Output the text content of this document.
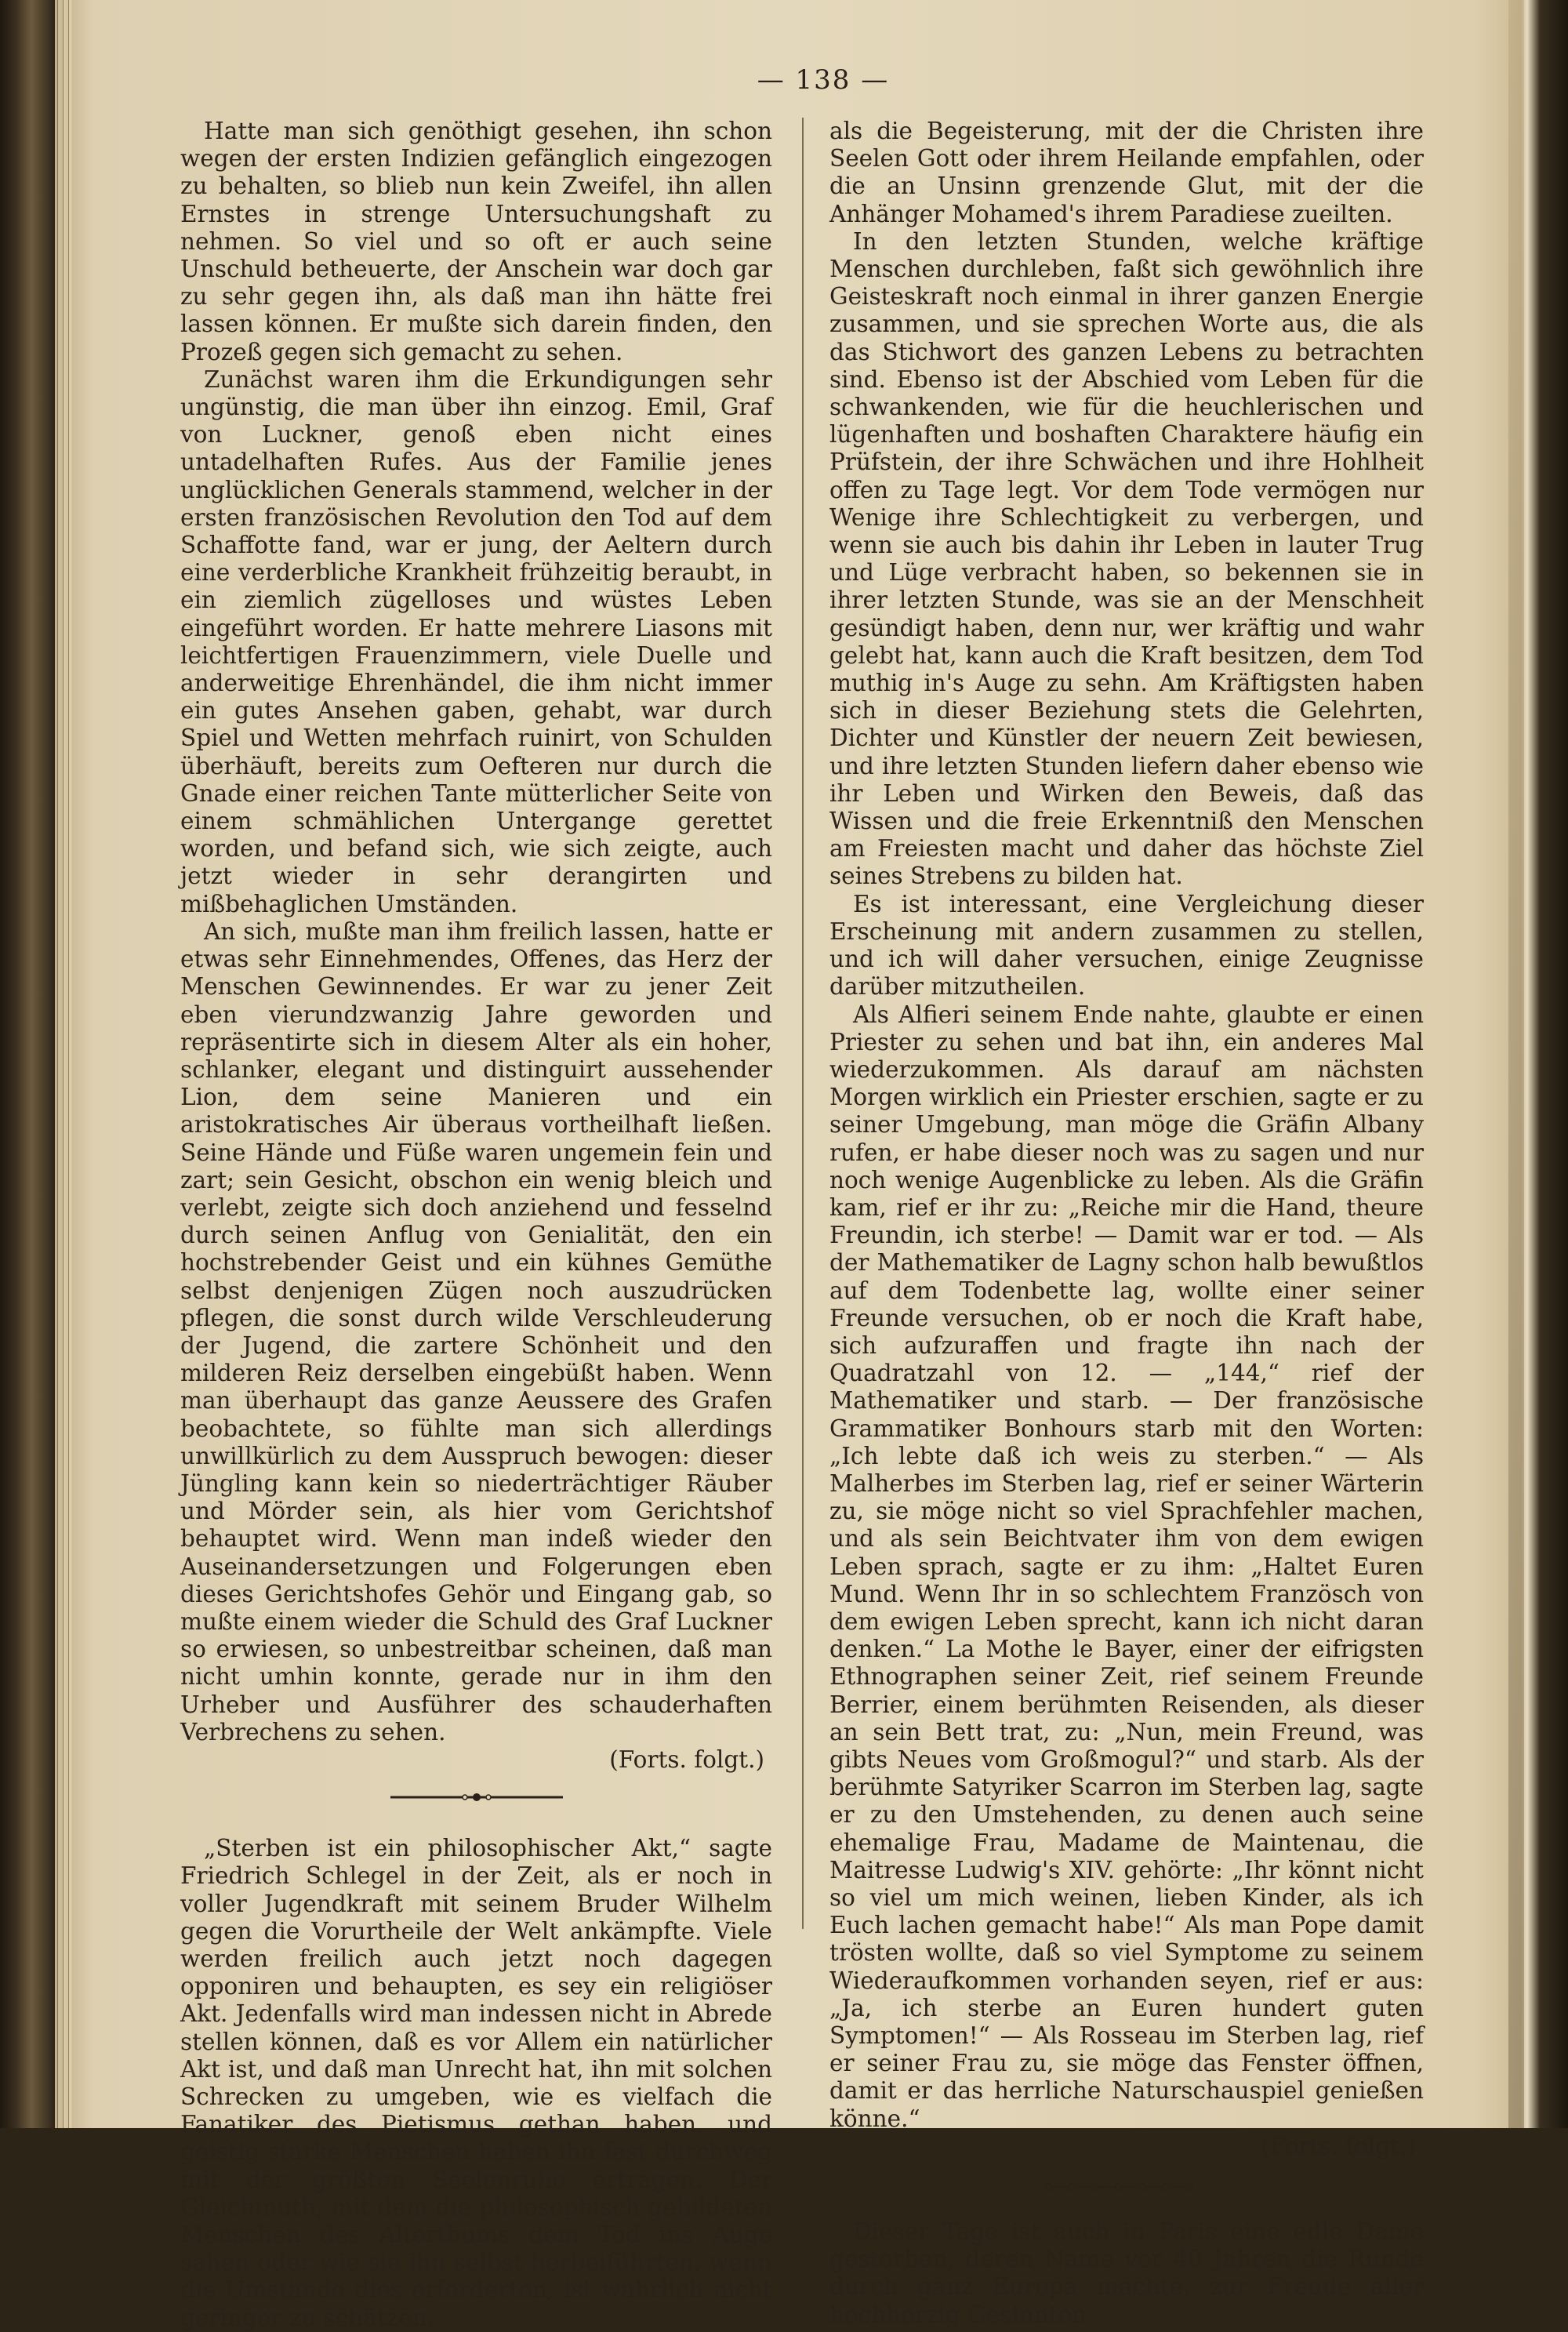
— 138 —

Hatte man sich genöthigt gesehen, ihn schon wegen der ersten Indizien gefänglich eingezogen zu behalten, so blieb nun kein Zweifel, ihn allen Ernstes in strenge Untersuchungshaft zu nehmen. So viel und so oft er auch seine Unschuld betheuerte, der Anschein war doch gar zu sehr gegen ihn, als daß man ihn hätte frei lassen können. Er mußte sich darein finden, den Prozeß gegen sich gemacht zu sehen.

Zunächst waren ihm die Erkundigungen sehr ungünstig, die man über ihn einzog. Emil, Graf von Luckner, genoß eben nicht eines untadelhaften Rufes. Aus der Familie jenes unglücklichen Generals stammend, welcher in der ersten französischen Revolution den Tod auf dem Schaffotte fand, war er jung, der Aeltern durch eine verderbliche Krankheit frühzeitig beraubt, in ein ziemlich zügelloses und wüstes Leben eingeführt worden. Er hatte mehrere Liasons mit leichtfertigen Frauenzimmern, viele Duelle und anderweitige Ehrenhändel, die ihm nicht immer ein gutes Ansehen gaben, gehabt, war durch Spiel und Wetten mehrfach ruinirt, von Schulden überhäuft, bereits zum Oefteren nur durch die Gnade einer reichen Tante mütterlicher Seite von einem schmählichen Untergange gerettet worden, und befand sich, wie sich zeigte, auch jetzt wieder in sehr derangirten und mißbehaglichen Umständen.

An sich, mußte man ihm freilich lassen, hatte er etwas sehr Einnehmendes, Offenes, das Herz der Menschen Gewinnendes. Er war zu jener Zeit eben vierundzwanzig Jahre geworden und repräsentirte sich in diesem Alter als ein hoher, schlanker, elegant und distinguirt aussehender Lion, dem seine Manieren und ein aristokratisches Air überaus vortheilhaft ließen. Seine Hände und Füße waren ungemein fein und zart; sein Gesicht, obschon ein wenig bleich und verlebt, zeigte sich doch anziehend und fesselnd durch seinen Anflug von Genialität, den ein hochstrebender Geist und ein kühnes Gemüthe selbst denjenigen Zügen noch auszudrücken pflegen, die sonst durch wilde Verschleuderung der Jugend, die zartere Schönheit und den milderen Reiz derselben eingebüßt haben. Wenn man überhaupt das ganze Aeussere des Grafen beobachtete, so fühlte man sich allerdings unwillkürlich zu dem Ausspruch bewogen: dieser Jüngling kann kein so niederträchtiger Räuber und Mörder sein, als hier vom Gerichtshof behauptet wird. Wenn man indeß wieder den Auseinandersetzungen und Folgerungen eben dieses Gerichtshofes Gehör und Eingang gab, so mußte einem wieder die Schuld des Graf Luckner so erwiesen, so unbestreitbar scheinen, daß man nicht umhin konnte, gerade nur in ihm den Urheber und Ausführer des schauderhaften Verbrechens zu sehen.

(Forts. folgt.)

„Sterben ist ein philosophischer Akt,“ sagte Friedrich Schlegel in der Zeit, als er noch in voller Jugendkraft mit seinem Bruder Wilhelm gegen die Vorurtheile der Welt ankämpfte. Viele werden freilich auch jetzt noch dagegen opponiren und behaupten, es sey ein religiöser Akt. Jedenfalls wird man indessen nicht in Abrede stellen können, daß es vor Allem ein natürlicher Akt ist, und daß man Unrecht hat, ihn mit solchen Schrecken zu umgeben, wie es vielfach die Fanatiker des Pietismus gethan haben, und geistig starke Menschen haben ihn fast durchweg mit der größten Seelenruhe ertragen. Der Gleichmuth, mit dem die philosophisch gebildeten Menschen des Alterthums dem Tod ins Auge sahen oder wie sie ihn selbst herbeiführten, wenn die Umstände dies erforderten, ist wahrlich nicht geringer zu schätzen,

als die Begeisterung, mit der die Christen ihre Seelen Gott oder ihrem Heilande empfahlen, oder die an Unsinn grenzende Glut, mit der die Anhänger Mohamed's ihrem Paradiese zueilten.

In den letzten Stunden, welche kräftige Menschen durchleben, faßt sich gewöhnlich ihre Geisteskraft noch einmal in ihrer ganzen Energie zusammen, und sie sprechen Worte aus, die als das Stichwort des ganzen Lebens zu betrachten sind. Ebenso ist der Abschied vom Leben für die schwankenden, wie für die heuchlerischen und lügenhaften und boshaften Charaktere häufig ein Prüfstein, der ihre Schwächen und ihre Hohlheit offen zu Tage legt. Vor dem Tode vermögen nur Wenige ihre Schlechtigkeit zu verbergen, und wenn sie auch bis dahin ihr Leben in lauter Trug und Lüge verbracht haben, so bekennen sie in ihrer letzten Stunde, was sie an der Menschheit gesündigt haben, denn nur, wer kräftig und wahr gelebt hat, kann auch die Kraft besitzen, dem Tod muthig in's Auge zu sehn. Am Kräftigsten haben sich in dieser Beziehung stets die Gelehrten, Dichter und Künstler der neuern Zeit bewiesen, und ihre letzten Stunden liefern daher ebenso wie ihr Leben und Wirken den Beweis, daß das Wissen und die freie Erkenntniß den Menschen am Freiesten macht und daher das höchste Ziel seines Strebens zu bilden hat.

Es ist interessant, eine Vergleichung dieser Erscheinung mit andern zusammen zu stellen, und ich will daher versuchen, einige Zeugnisse darüber mitzutheilen.

Als Alfieri seinem Ende nahte, glaubte er einen Priester zu sehen und bat ihn, ein anderes Mal wiederzukommen. Als darauf am nächsten Morgen wirklich ein Priester erschien, sagte er zu seiner Umgebung, man möge die Gräfin Albany rufen, er habe dieser noch was zu sagen und nur noch wenige Augenblicke zu leben. Als die Gräfin kam, rief er ihr zu: „Reiche mir die Hand, theure Freundin, ich sterbe! — Damit war er tod. — Als der Mathematiker de Lagny schon halb bewußtlos auf dem Todenbette lag, wollte einer seiner Freunde versuchen, ob er noch die Kraft habe, sich aufzuraffen und fragte ihn nach der Quadratzahl von 12. — „144,“ rief der Mathematiker und starb. — Der französische Grammatiker Bonhours starb mit den Worten: „Ich lebte daß ich weis zu sterben.“ — Als Malherbes im Sterben lag, rief er seiner Wärterin zu, sie möge nicht so viel Sprachfehler machen, und als sein Beichtvater ihm von dem ewigen Leben sprach, sagte er zu ihm: „Haltet Euren Mund. Wenn Ihr in so schlechtem Französch von dem ewigen Leben sprecht, kann ich nicht daran denken.“ La Mothe le Bayer, einer der eifrigsten Ethnographen seiner Zeit, rief seinem Freunde Berrier, einem berühmten Reisenden, als dieser an sein Bett trat, zu: „Nun, mein Freund, was gibts Neues vom Großmogul?“ und starb. Als der berühmte Satyriker Scarron im Sterben lag, sagte er zu den Umstehenden, zu denen auch seine ehemalige Frau, Madame de Maintenau, die Maitresse Ludwig's XIV. gehörte: „Ihr könnt nicht so viel um mich weinen, lieben Kinder, als ich Euch lachen gemacht habe!“ Als man Pope damit trösten wollte, daß so viel Symptome zu seinem Wiederaufkommen vorhanden seyen, rief er aus: „Ja, ich sterbe an Euren hundert guten Symptomen!“ — Als Rosseau im Sterben lag, rief er seiner Frau zu, sie möge das Fenster öffnen, damit er das herrliche Naturschauspiel genießen könne.“

(Forts. folgt.)

Dieser Tage ist auch in Paris eine edle Dame gestorben, deren Name vor 40 Jahren die Runde durch ganz Europa machte, zur Freude aller hochherzig Gesinnten
